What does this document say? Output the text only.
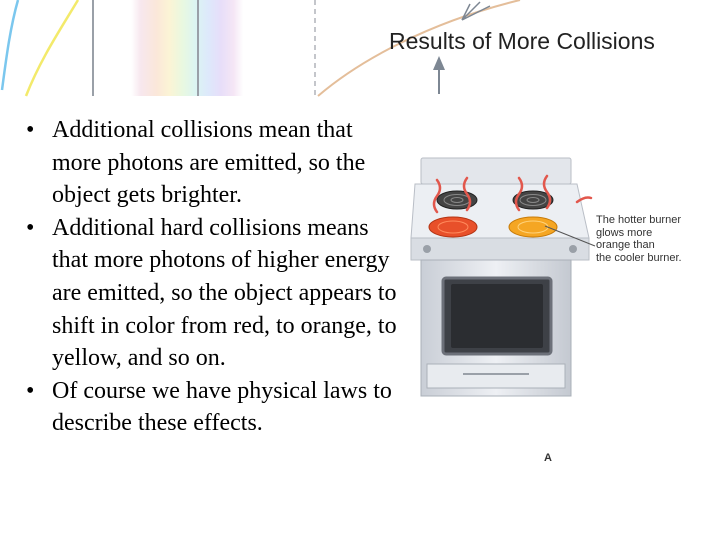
Results of More Collisions
• Additional collisions mean that more photons are emitted, so the object gets brighter.
• Additional hard collisions means that more photons of higher energy are emitted, so the object appears to shift in color from red, to orange, to yellow, and so on.
• Of course we have physical laws to describe these effects.
The hotter burner
glows more
orange than
the cooler burner.
A
